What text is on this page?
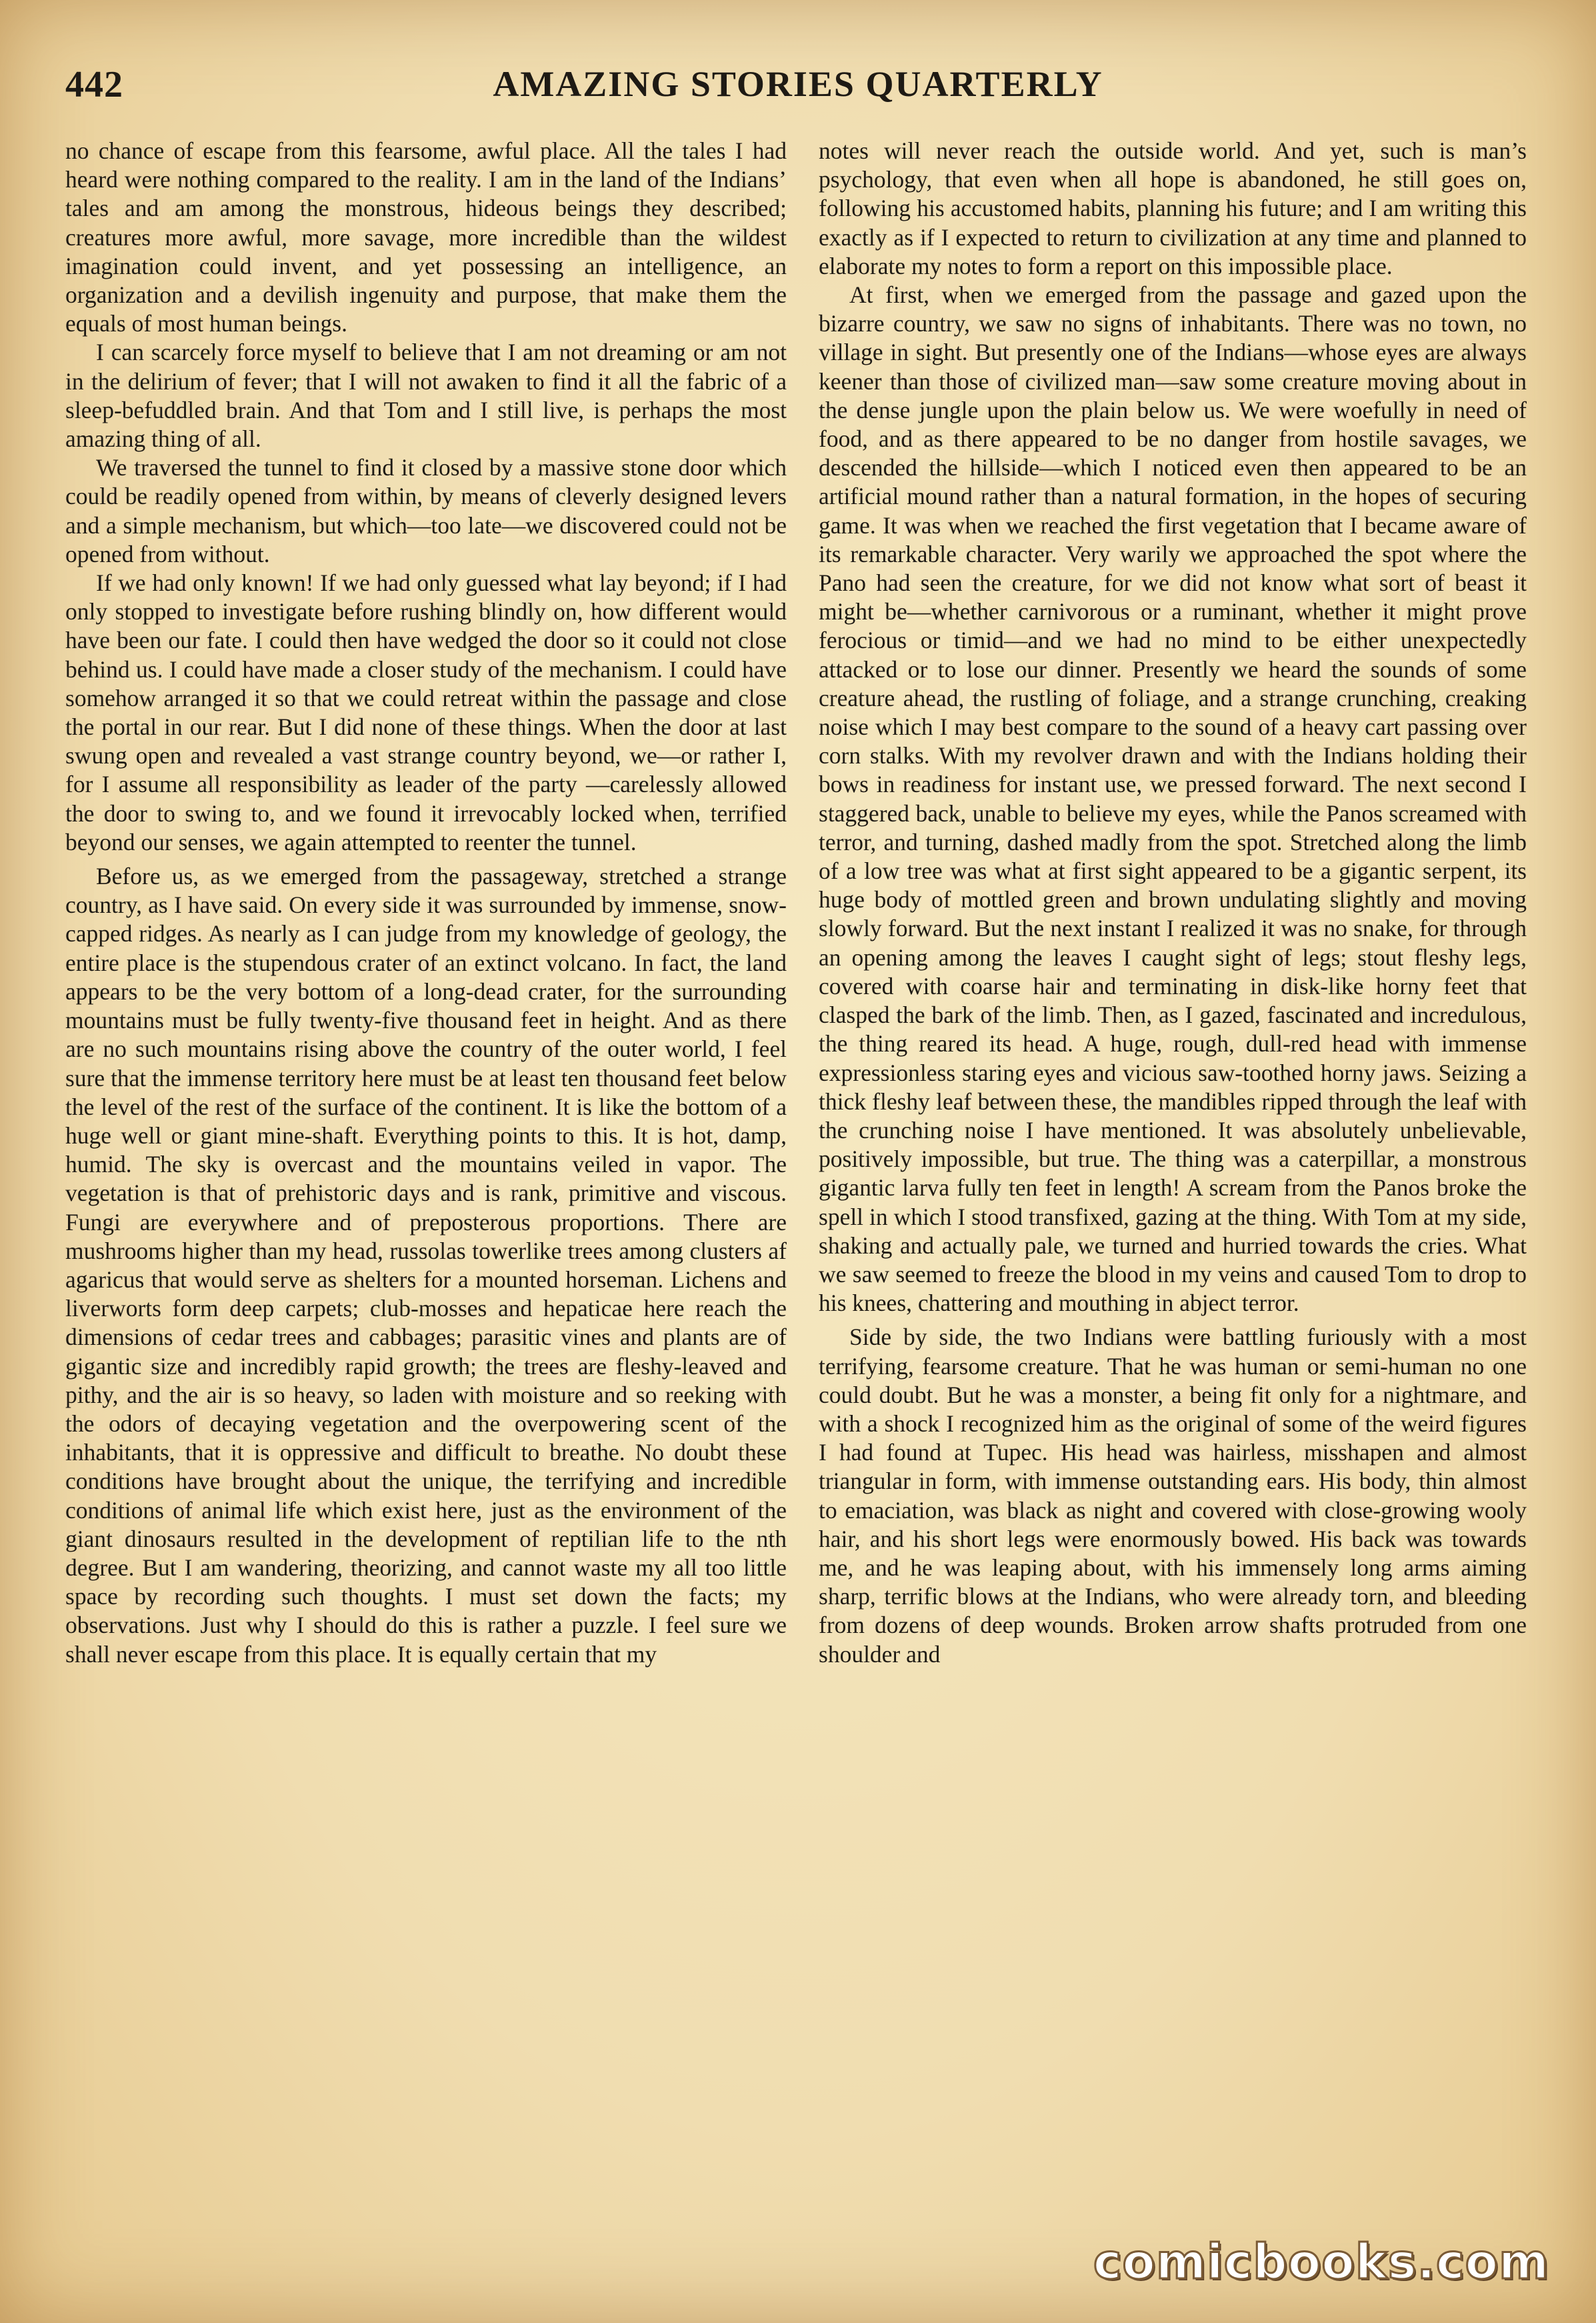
442	AMAZING STORIES QUARTERLY

no chance of escape from this fearsome, awful place. All the tales I had heard were nothing compared to the reality. I am in the land of the Indians’ tales and am among the monstrous, hideous beings they described; creatures more awful, more savage, more incredible than the wildest imagination could invent, and yet possessing an intelligence, an organization and a devilish ingenuity and purpose, that make them the equals of most human beings.

I can scarcely force myself to believe that I am not dreaming or am not in the delirium of fever; that I will not awaken to find it all the fabric of a sleep-befuddled brain. And that Tom and I still live, is perhaps the most amazing thing of all.

We traversed the tunnel to find it closed by a massive stone door which could be readily opened from within, by means of cleverly designed levers and a simple mechanism, but which—too late—we discovered could not be opened from without.

If we had only known! If we had only guessed what lay beyond; if I had only stopped to investigate before rushing blindly on, how different would have been our fate. I could then have wedged the door so it could not close behind us. I could have made a closer study of the mechanism. I could have somehow arranged it so that we could retreat within the passage and close the portal in our rear. But I did none of these things. When the door at last swung open and revealed a vast strange country beyond, we—or rather I, for I assume all responsibility as leader of the party —carelessly allowed the door to swing to, and we found it irrevocably locked when, terrified beyond our senses, we again attempted to reenter the tunnel.

Before us, as we emerged from the passageway, stretched a strange country, as I have said. On every side it was surrounded by immense, snow-capped ridges. As nearly as I can judge from my knowledge of geology, the entire place is the stupendous crater of an extinct volcano. In fact, the land appears to be the very bottom of a long-dead crater, for the surrounding mountains must be fully twenty-five thousand feet in height. And as there are no such mountains rising above the country of the outer world, I feel sure that the immense territory here must be at least ten thousand feet below the level of the rest of the surface of the continent. It is like the bottom of a huge well or giant mine-shaft. Everything points to this. It is hot, damp, humid. The sky is overcast and the mountains veiled in vapor. The vegetation is that of prehistoric days and is rank, primitive and viscous. Fungi are everywhere and of preposterous proportions. There are mushrooms higher than my head, russolas towerlike trees among clusters af agaricus that would serve as shelters for a mounted horseman. Lichens and liverworts form deep carpets; club-mosses and hepaticae here reach the dimensions of cedar trees and cabbages; parasitic vines and plants are of gigantic size and incredibly rapid growth; the trees are fleshy-leaved and pithy, and the air is so heavy, so laden with moisture and so reeking with the odors of decaying vegetation and the overpowering scent of the inhabitants, that it is oppressive and difficult to breathe. No doubt these conditions have brought about the unique, the terrifying and incredible conditions of animal life which exist here, just as the environment of the giant dinosaurs resulted in the development of reptilian life to the nth degree. But I am wandering, theorizing, and cannot waste my all too little space by recording such thoughts. I must set down the facts; my observations. Just why I should do this is rather a puzzle. I feel sure we shall never escape from this place. It is equally certain that my

notes will never reach the outside world. And yet, such is man’s psychology, that even when all hope is abandoned, he still goes on, following his accustomed habits, planning his future; and I am writing this exactly as if I expected to return to civilization at any time and planned to elaborate my notes to form a report on this impossible place.

At first, when we emerged from the passage and gazed upon the bizarre country, we saw no signs of inhabitants. There was no town, no village in sight. But presently one of the Indians—whose eyes are always keener than those of civilized man—saw some creature moving about in the dense jungle upon the plain below us. We were woefully in need of food, and as there appeared to be no danger from hostile savages, we descended the hillside—which I noticed even then appeared to be an artificial mound rather than a natural formation, in the hopes of securing game. It was when we reached the first vegetation that I became aware of its remarkable character. Very warily we approached the spot where the Pano had seen the creature, for we did not know what sort of beast it might be—whether carnivorous or a ruminant, whether it might prove ferocious or timid—and we had no mind to be either unexpectedly attacked or to lose our dinner. Presently we heard the sounds of some creature ahead, the rustling of foliage, and a strange crunching, creaking noise which I may best compare to the sound of a heavy cart passing over corn stalks. With my revolver drawn and with the Indians holding their bows in readiness for instant use, we pressed forward. The next second I staggered back, unable to believe my eyes, while the Panos screamed with terror, and turning, dashed madly from the spot. Stretched along the limb of a low tree was what at first sight appeared to be a gigantic serpent, its huge body of mottled green and brown undulating slightly and moving slowly forward. But the next instant I realized it was no snake, for through an opening among the leaves I caught sight of legs; stout fleshy legs, covered with coarse hair and terminating in disk-like horny feet that clasped the bark of the limb. Then, as I gazed, fascinated and incredulous, the thing reared its head. A huge, rough, dull-red head with immense expressionless staring eyes and vicious saw-toothed horny jaws. Seizing a thick fleshy leaf between these, the mandibles ripped through the leaf with the crunching noise I have mentioned. It was absolutely unbelievable, positively impossible, but true. The thing was a caterpillar, a monstrous gigantic larva fully ten feet in length! A scream from the Panos broke the spell in which I stood transfixed, gazing at the thing. With Tom at my side, shaking and actually pale, we turned and hurried towards the cries. What we saw seemed to freeze the blood in my veins and caused Tom to drop to his knees, chattering and mouthing in abject terror.

Side by side, the two Indians were battling furiously with a most terrifying, fearsome creature. That he was human or semi-human no one could doubt. But he was a monster, a being fit only for a nightmare, and with a shock I recognized him as the original of some of the weird figures I had found at Tupec. His head was hairless, misshapen and almost triangular in form, with immense outstanding ears. His body, thin almost to emaciation, was black as night and covered with close-growing wooly hair, and his short legs were enormously bowed. His back was towards me, and he was leaping about, with his immensely long arms aiming sharp, terrific blows at the Indians, who were already torn, and bleeding from dozens of deep wounds. Broken arrow shafts protruded from one shoulder and

comicbooks.com
